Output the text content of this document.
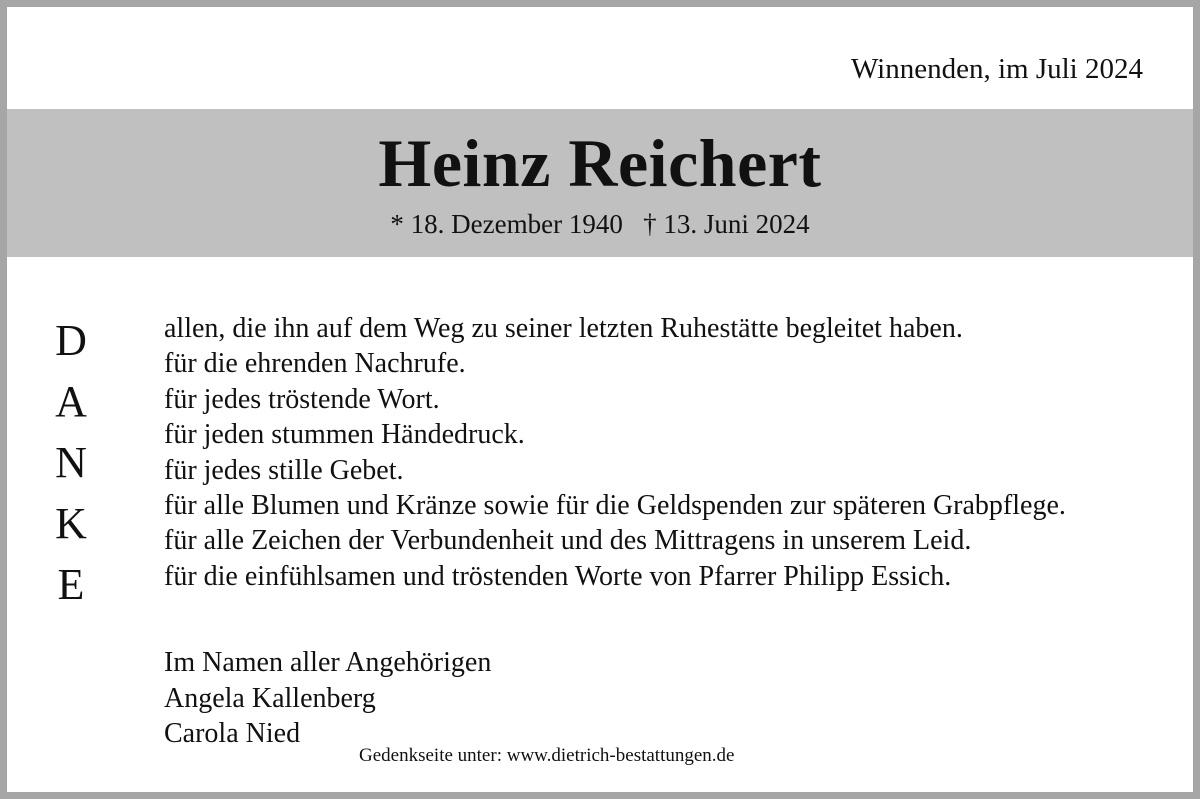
Winnenden, im Juli 2024
Heinz Reichert
* 18. Dezember 1940   † 13. Juni 2024
D
A
N
K
E
allen, die ihn auf dem Weg zu seiner letzten Ruhestätte begleitet haben.
für die ehrenden Nachrufe.
für jedes tröstende Wort.
für jeden stummen Händedruck.
für jedes stille Gebet.
für alle Blumen und Kränze sowie für die Geldspenden zur späteren Grabpflege.
für alle Zeichen der Verbundenheit und des Mittragens in unserem Leid.
für die einfühlsamen und tröstenden Worte von Pfarrer Philipp Essich.
Im Namen aller Angehörigen
Angela Kallenberg
Carola Nied
Gedenkseite unter: www.dietrich-bestattungen.de
